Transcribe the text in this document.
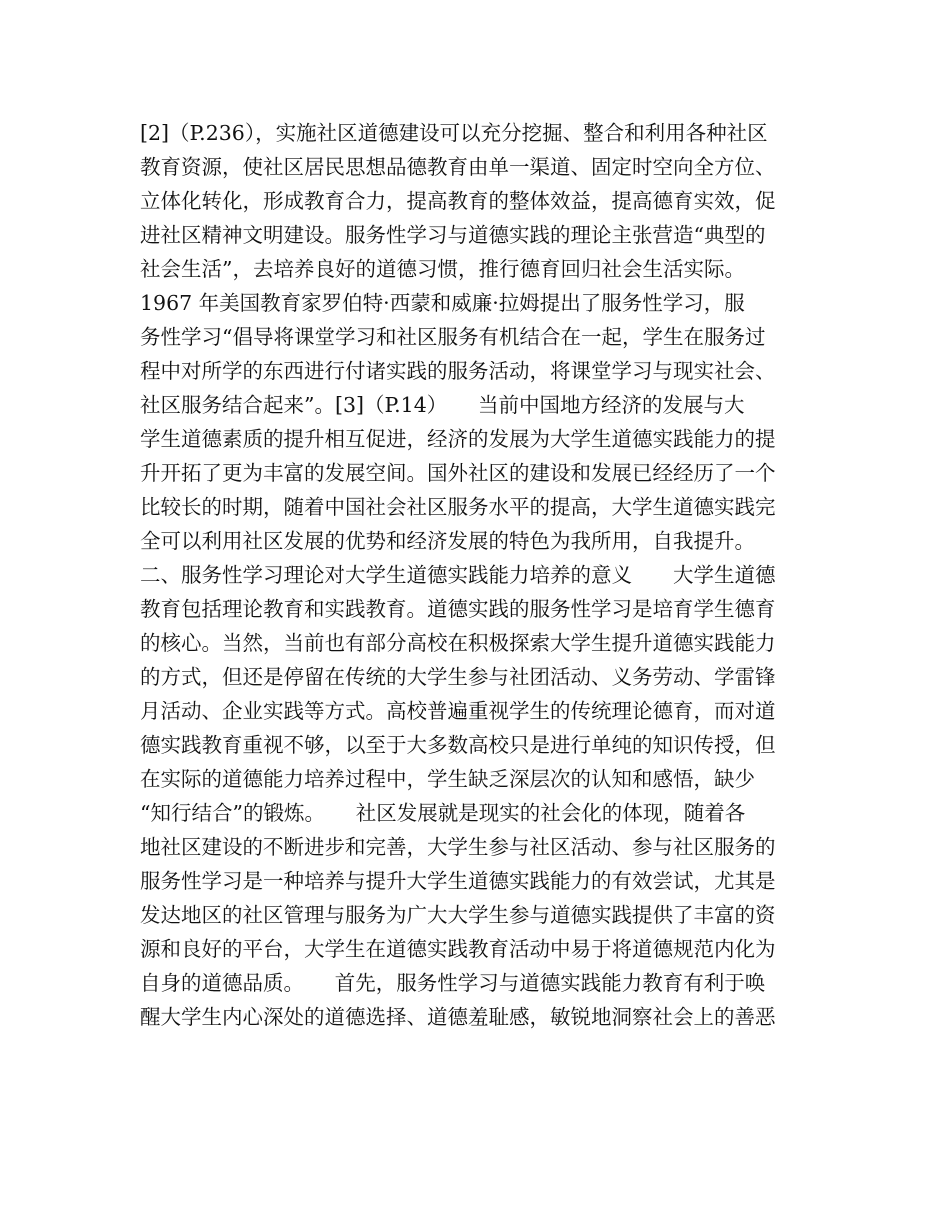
[2]（P.236），实施社区道德建设可以充分挖掘、整合和利用各种社区
教育资源，使社区居民思想品德教育由单一渠道、固定时空向全方位、
立体化转化，形成教育合力，提高教育的整体效益，提高德育实效，促
进社区精神文明建设。服务性学习与道德实践的理论主张营造“典型的
社会生活”，去培养良好的道德习惯，推行德育回归社会生活实际。
1967 年美国教育家罗伯特·西蒙和威廉·拉姆提出了服务性学习，服
务性学习“倡导将课堂学习和社区服务有机结合在一起，学生在服务过
程中对所学的东西进行付诸实践的服务活动，将课堂学习与现实社会、
社区服务结合起来”。[3]（P.14）　　当前中国地方经济的发展与大
学生道德素质的提升相互促进，经济的发展为大学生道德实践能力的提
升开拓了更为丰富的发展空间。国外社区的建设和发展已经经历了一个
比较长的时期，随着中国社会社区服务水平的提高，大学生道德实践完
全可以利用社区发展的优势和经济发展的特色为我所用，自我提升。
二、服务性学习理论对大学生道德实践能力培养的意义　　大学生道德
教育包括理论教育和实践教育。道德实践的服务性学习是培育学生德育
的核心。当然，当前也有部分高校在积极探索大学生提升道德实践能力
的方式，但还是停留在传统的大学生参与社团活动、义务劳动、学雷锋
月活动、企业实践等方式。高校普遍重视学生的传统理论德育，而对道
德实践教育重视不够，以至于大多数高校只是进行单纯的知识传授，但
在实际的道德能力培养过程中，学生缺乏深层次的认知和感悟，缺少
“知行结合”的锻炼。　　社区发展就是现实的社会化的体现，随着各
地社区建设的不断进步和完善，大学生参与社区活动、参与社区服务的
服务性学习是一种培养与提升大学生道德实践能力的有效尝试，尤其是
发达地区的社区管理与服务为广大大学生参与道德实践提供了丰富的资
源和良好的平台，大学生在道德实践教育活动中易于将道德规范内化为
自身的道德品质。　　首先，服务性学习与道德实践能力教育有利于唤
醒大学生内心深处的道德选择、道德羞耻感，敏锐地洞察社会上的善恶
